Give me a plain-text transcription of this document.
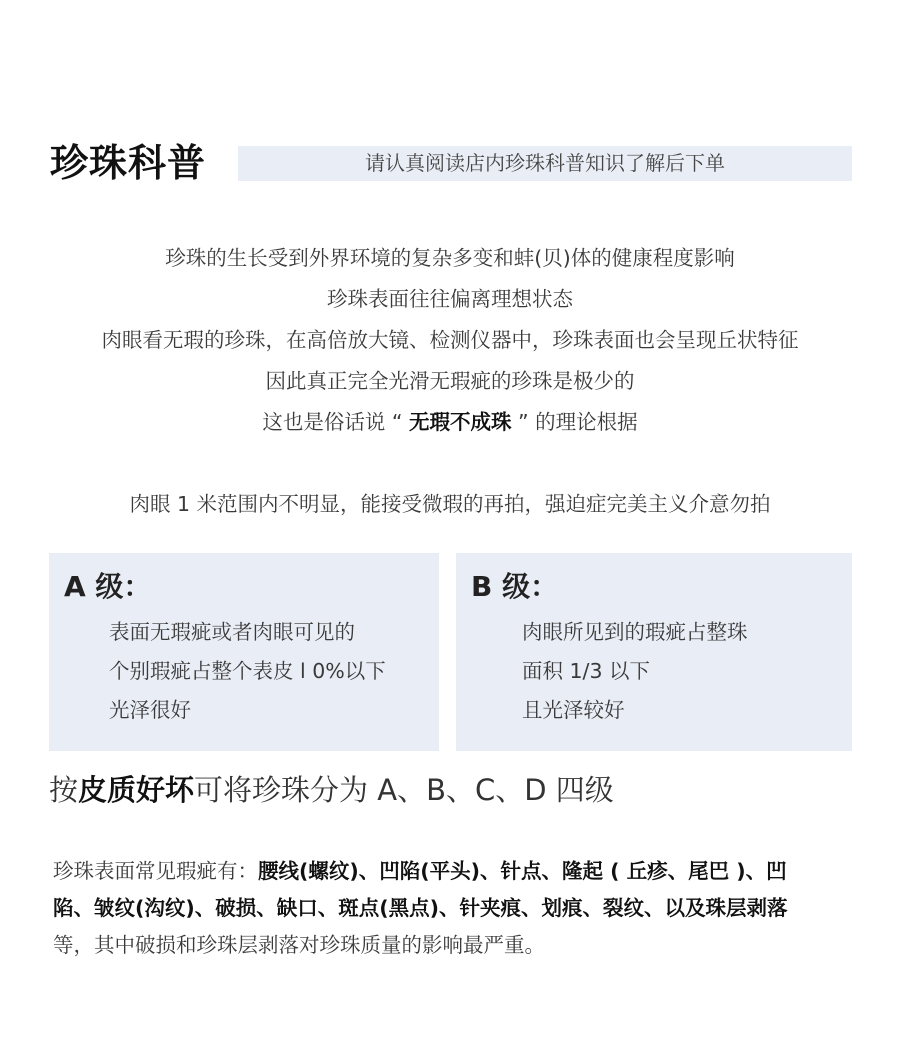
珍珠科普	请认真阅读店内珍珠科普知识了解后下单
珍珠的生长受到外界环境的复杂多变和蚌(贝)体的健康程度影响
珍珠表面往往偏离理想状态
肉眼看无瑕的珍珠，在高倍放大镜、检测仪器中，珍珠表面也会呈现丘状特征
因此真正完全光滑无瑕疵的珍珠是极少的
这也是俗话说 “ 无瑕不成珠 ” 的理论根据
肉眼 1 米范围内不明显，能接受微瑕的再拍，强迫症完美主义介意勿拍
A 级：
表面无瑕疵或者肉眼可见的
个别瑕疵占整个表皮 l 0%以下
光泽很好
B 级：
肉眼所见到的瑕疵占整珠
面积 1/3 以下
且光泽较好
按皮质好坏可将珍珠分为 A、B、C、D 四级
珍珠表面常见瑕疵有：腰线(螺纹)、凹陷(平头)、针点、隆起 ( 丘疹、尾巴 )、凹
陷、皱纹(沟纹)、破损、缺口、斑点(黑点)、针夹痕、划痕、裂纹、以及珠层剥落
等，其中破损和珍珠层剥落对珍珠质量的影响最严重。
